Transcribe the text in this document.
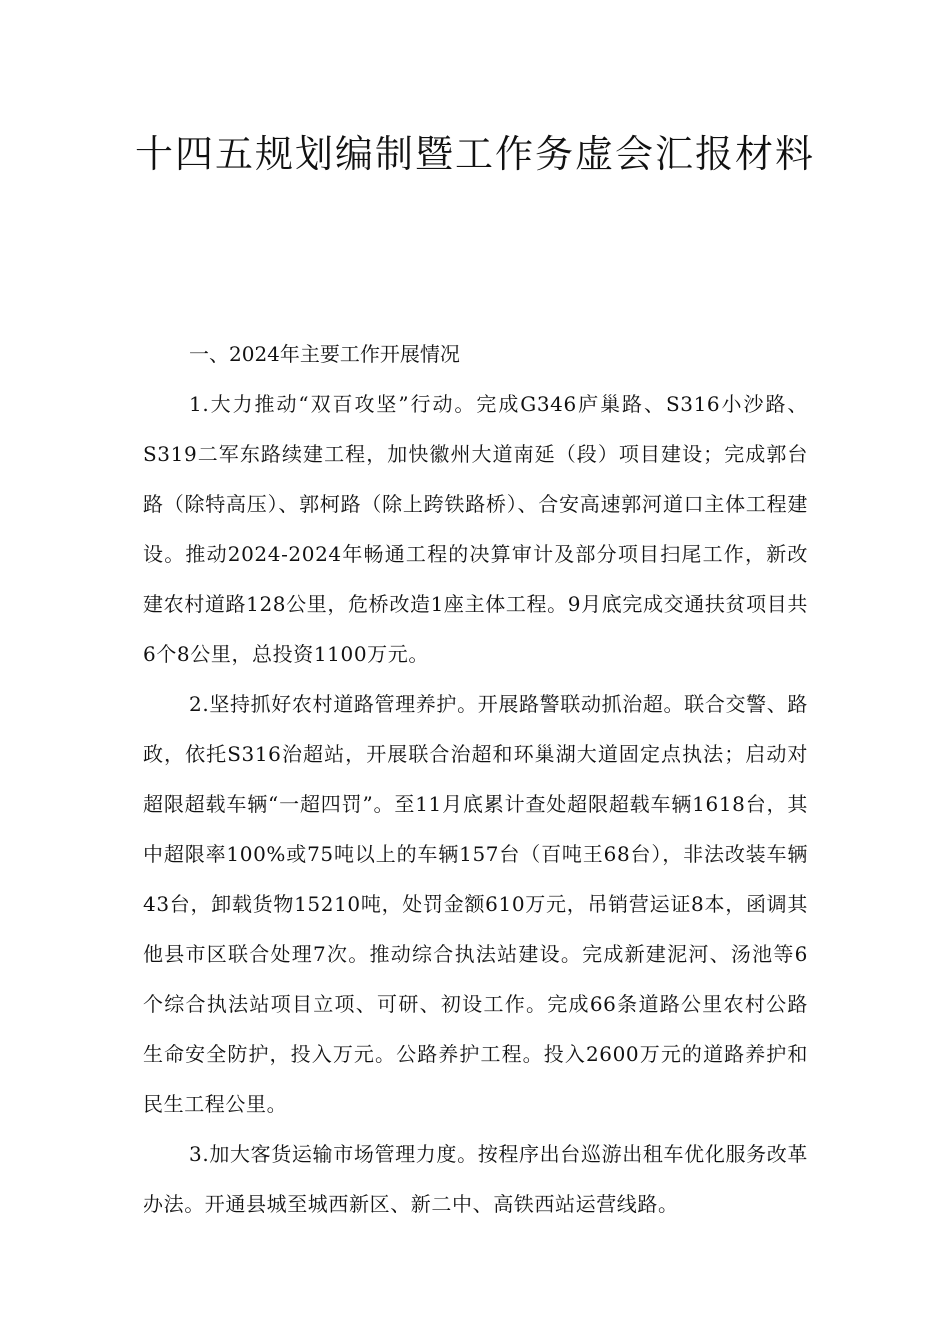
十四五规划编制暨工作务虚会汇报材料

一、2024年主要工作开展情况

1.大力推动“双百攻坚”行动。完成G346庐巢路、S316小沙路、S319二军东路续建工程，加快徽州大道南延（段）项目建设；完成郭台路（除特高压）、郭柯路（除上跨铁路桥）、合安高速郭河道口主体工程建设。推动2024-2024年畅通工程的决算审计及部分项目扫尾工作，新改建农村道路128公里，危桥改造1座主体工程。9月底完成交通扶贫项目共6个8公里，总投资1100万元。

2.坚持抓好农村道路管理养护。开展路警联动抓治超。联合交警、路政，依托S316治超站，开展联合治超和环巢湖大道固定点执法；启动对超限超载车辆“一超四罚”。至11月底累计查处超限超载车辆1618台，其中超限率100%或75吨以上的车辆157台（百吨王68台），非法改装车辆43台，卸载货物15210吨，处罚金额610万元，吊销营运证8本，函调其他县市区联合处理7次。推动综合执法站建设。完成新建泥河、汤池等6个综合执法站项目立项、可研、初设工作。完成66条道路公里农村公路生命安全防护，投入万元。公路养护工程。投入2600万元的道路养护和民生工程公里。

3.加大客货运输市场管理力度。按程序出台巡游出租车优化服务改革办法。开通县城至城西新区、新二中、高铁西站运营线路。
